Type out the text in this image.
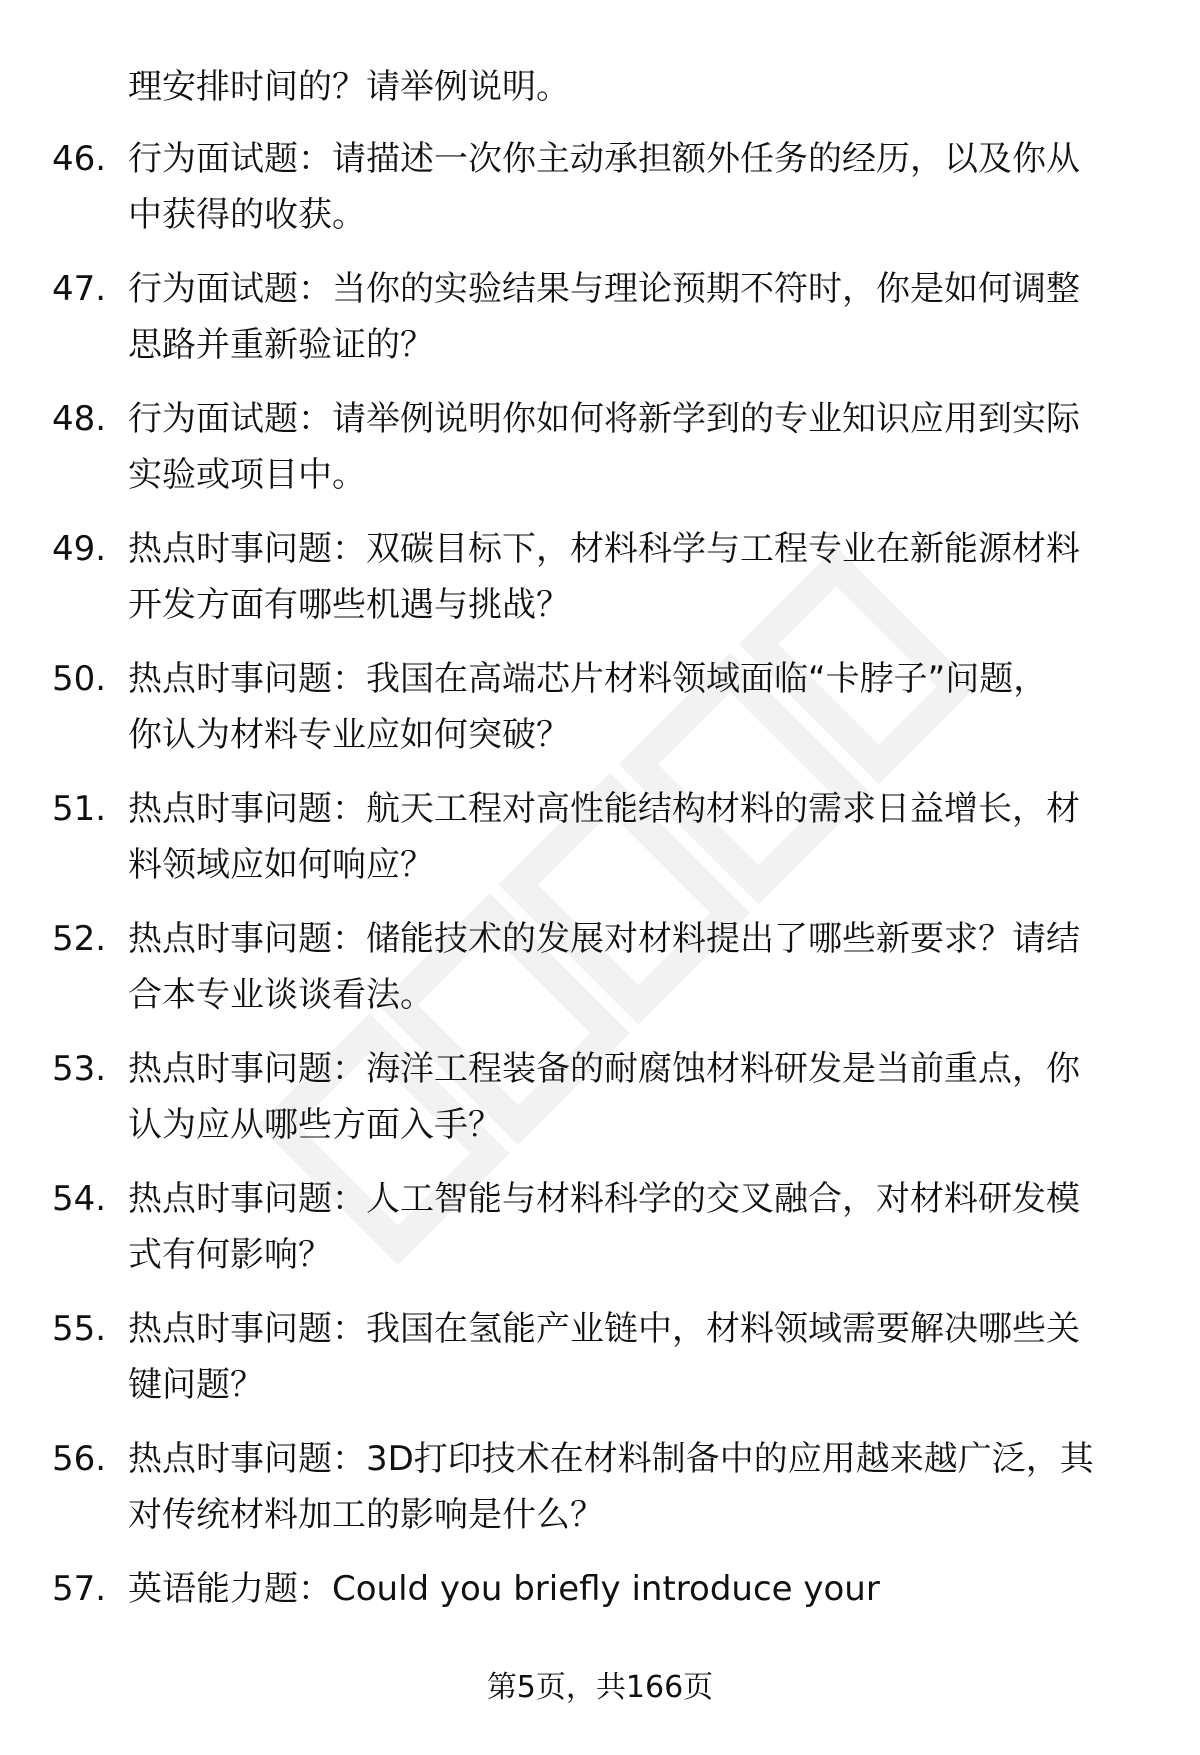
理安排时间的？请举例说明。
46. 行为面试题：请描述一次你主动承担额外任务的经历，以及你从
中获得的收获。
47. 行为面试题：当你的实验结果与理论预期不符时，你是如何调整
思路并重新验证的？
48. 行为面试题：请举例说明你如何将新学到的专业知识应用到实际
实验或项目中。
49. 热点时事问题：双碳目标下，材料科学与工程专业在新能源材料
开发方面有哪些机遇与挑战？
50. 热点时事问题：我国在高端芯片材料领域面临“卡脖子”问题，
你认为材料专业应如何突破？
51. 热点时事问题：航天工程对高性能结构材料的需求日益增长，材
料领域应如何响应？
52. 热点时事问题：储能技术的发展对材料提出了哪些新要求？请结
合本专业谈谈看法。
53. 热点时事问题：海洋工程装备的耐腐蚀材料研发是当前重点，你
认为应从哪些方面入手？
54. 热点时事问题：人工智能与材料科学的交叉融合，对材料研发模
式有何影响？
55. 热点时事问题：我国在氢能产业链中，材料领域需要解决哪些关
键问题？
56. 热点时事问题：3D打印技术在材料制备中的应用越来越广泛，其
对传统材料加工的影响是什么？
57. 英语能力题：Could you briefly introduce your
第5页，共166页
